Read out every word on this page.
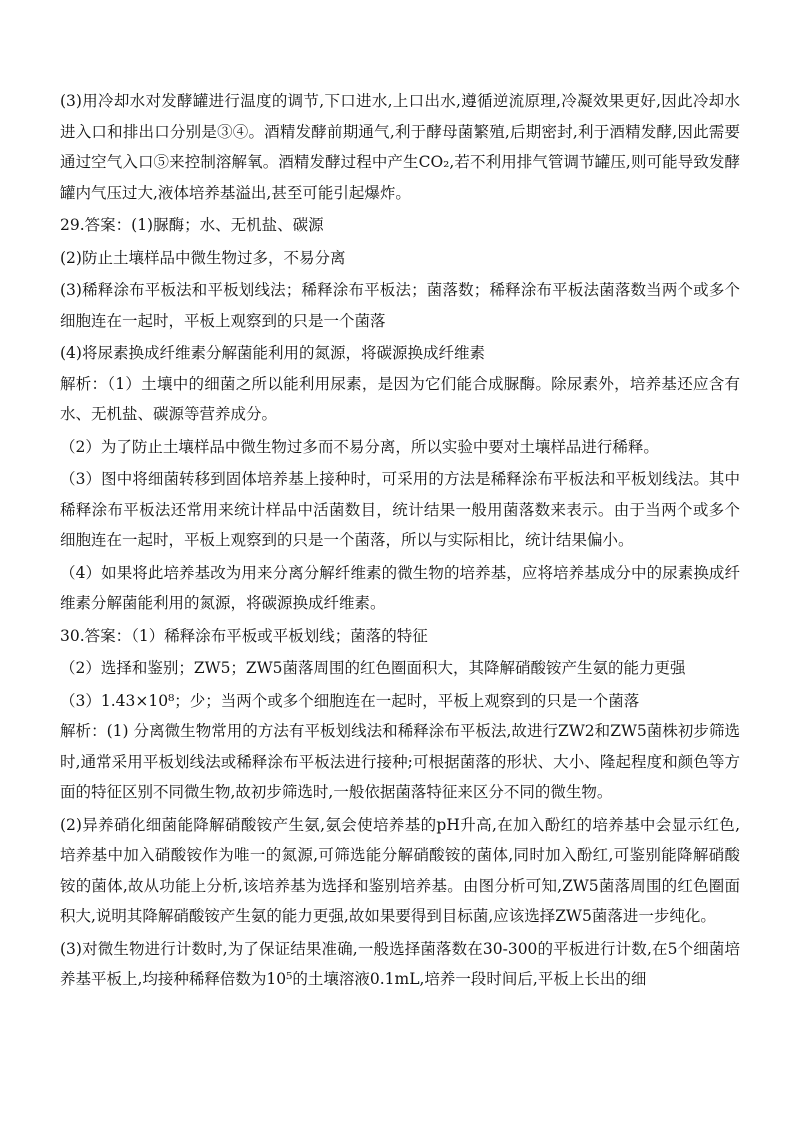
(3)用冷却水对发酵罐进行温度的调节,下口进水,上口出水,遵循逆流原理,冷凝效果更好,因此冷却水进入口和排出口分别是③④。酒精发酵前期通气,利于酵母菌繁殖,后期密封,利于酒精发酵,因此需要通过空气入口⑤来控制溶解氧。酒精发酵过程中产生CO₂,若不利用排气管调节罐压,则可能导致发酵罐内气压过大,液体培养基溢出,甚至可能引起爆炸。

29.答案：(1)脲酶；水、无机盐、碳源

(2)防止土壤样品中微生物过多，不易分离

(3)稀释涂布平板法和平板划线法；稀释涂布平板法；菌落数；稀释涂布平板法菌落数当两个或多个细胞连在一起时，平板上观察到的只是一个菌落

(4)将尿素换成纤维素分解菌能利用的氮源，将碳源换成纤维素

解析：（1）土壤中的细菌之所以能利用尿素，是因为它们能合成脲酶。除尿素外，培养基还应含有水、无机盐、碳源等营养成分。

（2）为了防止土壤样品中微生物过多而不易分离，所以实验中要对土壤样品进行稀释。

（3）图中将细菌转移到固体培养基上接种时，可采用的方法是稀释涂布平板法和平板划线法。其中稀释涂布平板法还常用来统计样品中活菌数目，统计结果一般用菌落数来表示。由于当两个或多个细胞连在一起时，平板上观察到的只是一个菌落，所以与实际相比，统计结果偏小。

（4）如果将此培养基改为用来分离分解纤维素的微生物的培养基，应将培养基成分中的尿素换成纤维素分解菌能利用的氮源，将碳源换成纤维素。

30.答案：（1）稀释涂布平板或平板划线；菌落的特征

（2）选择和鉴别；ZW5；ZW5菌落周围的红色圈面积大，其降解硝酸铵产生氨的能力更强

（3）1.43×10⁸；少；当两个或多个细胞连在一起时，平板上观察到的只是一个菌落

解析：(1) 分离微生物常用的方法有平板划线法和稀释涂布平板法,故进行ZW2和ZW5菌株初步筛选时,通常采用平板划线法或稀释涂布平板法进行接种;可根据菌落的形状、大小、隆起程度和颜色等方面的特征区别不同微生物,故初步筛选时,一般依据菌落特征来区分不同的微生物。

(2)异养硝化细菌能降解硝酸铵产生氨,氨会使培养基的pH升高,在加入酚红的培养基中会显示红色,培养基中加入硝酸铵作为唯一的氮源,可筛选能分解硝酸铵的菌体,同时加入酚红,可鉴别能降解硝酸铵的菌体,故从功能上分析,该培养基为选择和鉴别培养基。由图分析可知,ZW5菌落周围的红色圈面积大,说明其降解硝酸铵产生氨的能力更强,故如果要得到目标菌,应该选择ZW5菌落进一步纯化。

(3)对微生物进行计数时,为了保证结果准确,一般选择菌落数在30-300的平板进行计数,在5个细菌培养基平板上,均接种稀释倍数为10⁵的土壤溶液0.1mL,培养一段时间后,平板上长出的细
